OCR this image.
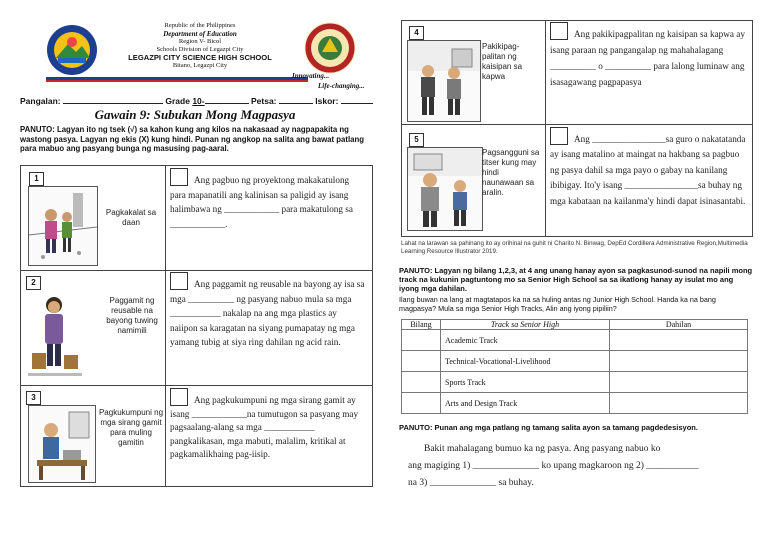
Republic of the Philippines
Department of Education
Region V- Bicol
Schools Division of Legazpi City
LEGAZPI CITY SCIENCE HIGH SCHOOL
Bitano, Legazpi City
Innovating...
Life-changing...
Pangalan:	Grade 10-	Petsa:	Iskor:
Gawain 9: Subukan Mong Magpasya
PANUTO: Lagyan ito ng tsek (√) sa kahon kung ang kilos na nakasaad ay nagpapakita ng wastong pasya. Lagyan ng ekis (X) kung hindi. Punan ng angkop na salita ang bawat patlang para mabuo ang pasyang bunga ng masusing pag-aaral.
1
Pagkakalat sa daan
Ang pagbuo ng proyektong makakatulong para mapanatili ang kalinisan sa paligid ay isang halimbawa ng ____________ para makatulong sa ____________.
2
Paggamit ng reusable na bayong tuwing namimili
Ang paggamit ng reusable na bayong ay isa sa mga __________ ng pasyang nabuo mula sa mga ___________ nakalap na ang mga plastics ay naiipon sa karagatan na siyang pumapatay ng mga yamang tubig at siya ring dahilan ng acid rain.
3
Pagkukumpuni ng mga sirang gamit para muling gamitin
Ang pagkukumpuni ng mga sirang gamit ay isang ____________na tumutugon sa pasyang may pagsaalang-alang sa mga ___________ pangkalikasan, mga mabuti, malalim, kritikal at pagkamalikhaing pag-iisip.
4
Pakikipag-palitan ng kaisipan sa kapwa
Ang pakikipagpalitan ng kaisipan sa kapwa ay isang paraan ng pangangalap ng mahahalagang __________ o __________ para lalong luminaw ang isasagawang pagpapasya
5
Pagsangguni sa titser kung may hindi naunawaan sa aralin.
Ang ________________sa guro o nakatatanda ay isang matalino at maingat na hakbang sa pagbuo ng pasya dahil sa mga payo o gabay na kanilang ibibigay. Ito'y isang ________________sa buhay ng mga kabataan na kailanma'y hindi dapat isinasantabi.
Lahat na larawan sa pahinang ito ay orihinal na guhit ni Charito N. Binwag, DepEd Cordillera Administrative Region,Multimedia Learning Resource Illustrator 2019.
PANUTO: Lagyan ng bilang 1,2,3, at 4 ang unang hanay ayon sa pagkasunod-sunod na napili mong track na kukunin pagtuntong mo sa Senior High School sa sa ikatlong hanay ay isulat mo ang iyong mga dahilan.
Ilang buwan na lang at magtatapos ka na sa huling antas ng Junior High School. Handa ka na bang magpasya? Mula sa mga Senior High Tracks, Alin ang iyong pipiliin?
Bilang	Track sa Senior High	Dahilan
	Academic Track	
	Technical-Vocational-Livelihood	
	Sports Track	
	Arts and Design Track	
PANUTO: Punan ang mga patlang ng tamang salita ayon sa tamang pagdedesisyon.
Bakit mahalagang bumuo ka ng pasya. Ang pasyang nabuo ko
ang magiging 1) ______________ ko upang magkaroon ng 2) ___________
na 3) ______________ sa buhay.
